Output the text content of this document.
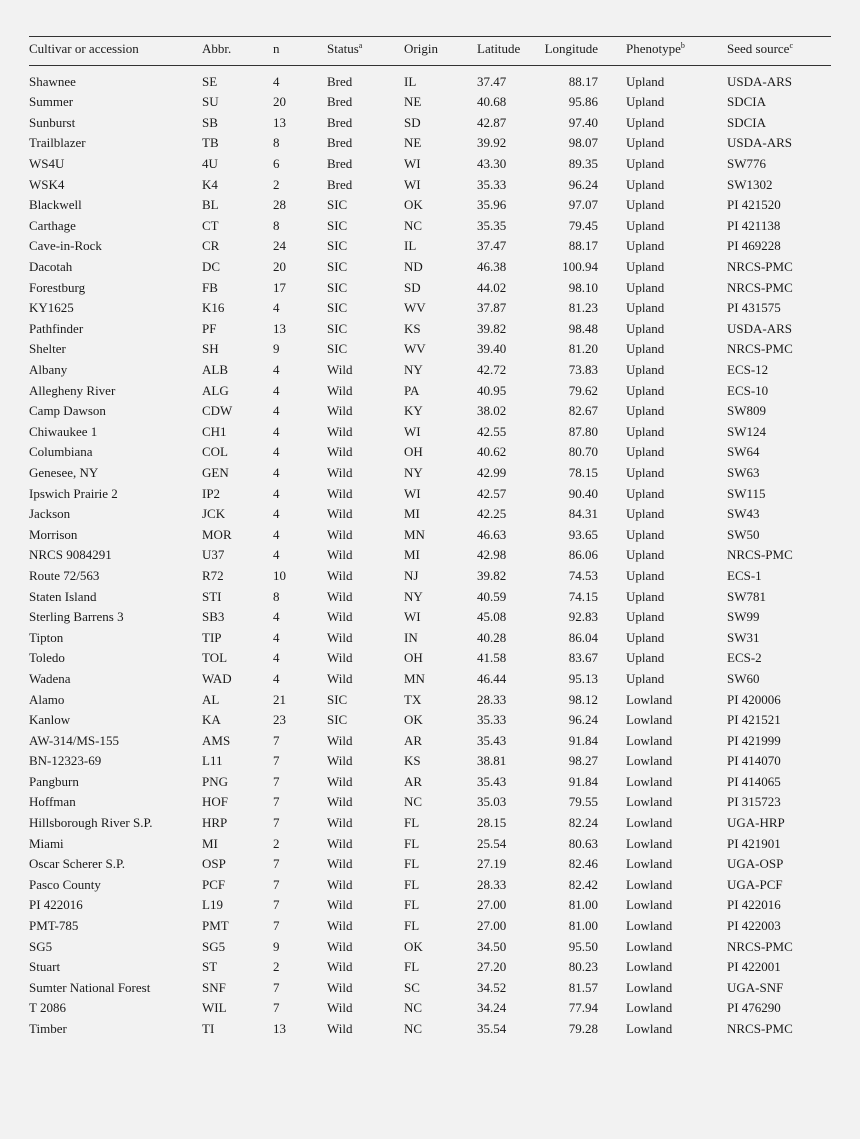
Cultivar or accession	Abbr.	n	Status$^a$	Origin	Latitude	Longitude		Phenotype$^b$	Seed source$^c$
Shawnee	SE	4	Bred	IL	37.47	88.17		Upland	USDA-ARS
Summer	SU	20	Bred	NE	40.68	95.86		Upland	SDCIA
Sunburst	SB	13	Bred	SD	42.87	97.40		Upland	SDCIA
Trailblazer	TB	8	Bred	NE	39.92	98.07		Upland	USDA-ARS
WS4U	4U	6	Bred	WI	43.30	89.35		Upland	SW776
WSK4	K4	2	Bred	WI	35.33	96.24		Upland	SW1302
Blackwell	BL	28	SIC	OK	35.96	97.07		Upland	PI 421520
Carthage	CT	8	SIC	NC	35.35	79.45		Upland	PI 421138
Cave-in-Rock	CR	24	SIC	IL	37.47	88.17		Upland	PI 469228
Dacotah	DC	20	SIC	ND	46.38	100.94		Upland	NRCS-PMC
Forestburg	FB	17	SIC	SD	44.02	98.10		Upland	NRCS-PMC
KY1625	K16	4	SIC	WV	37.87	81.23		Upland	PI 431575
Pathfinder	PF	13	SIC	KS	39.82	98.48		Upland	USDA-ARS
Shelter	SH	9	SIC	WV	39.40	81.20		Upland	NRCS-PMC
Albany	ALB	4	Wild	NY	42.72	73.83		Upland	ECS-12
Allegheny River	ALG	4	Wild	PA	40.95	79.62		Upland	ECS-10
Camp Dawson	CDW	4	Wild	KY	38.02	82.67		Upland	SW809
Chiwaukee 1	CH1	4	Wild	WI	42.55	87.80		Upland	SW124
Columbiana	COL	4	Wild	OH	40.62	80.70		Upland	SW64
Genesee, NY	GEN	4	Wild	NY	42.99	78.15		Upland	SW63
Ipswich Prairie 2	IP2	4	Wild	WI	42.57	90.40		Upland	SW115
Jackson	JCK	4	Wild	MI	42.25	84.31		Upland	SW43
Morrison	MOR	4	Wild	MN	46.63	93.65		Upland	SW50
NRCS 9084291	U37	4	Wild	MI	42.98	86.06		Upland	NRCS-PMC
Route 72/563	R72	10	Wild	NJ	39.82	74.53		Upland	ECS-1
Staten Island	STI	8	Wild	NY	40.59	74.15		Upland	SW781
Sterling Barrens 3	SB3	4	Wild	WI	45.08	92.83		Upland	SW99
Tipton	TIP	4	Wild	IN	40.28	86.04		Upland	SW31
Toledo	TOL	4	Wild	OH	41.58	83.67		Upland	ECS-2
Wadena	WAD	4	Wild	MN	46.44	95.13		Upland	SW60
Alamo	AL	21	SIC	TX	28.33	98.12		Lowland	PI 420006
Kanlow	KA	23	SIC	OK	35.33	96.24		Lowland	PI 421521
AW-314/MS-155	AMS	7	Wild	AR	35.43	91.84		Lowland	PI 421999
BN-12323-69	L11	7	Wild	KS	38.81	98.27		Lowland	PI 414070
Pangburn	PNG	7	Wild	AR	35.43	91.84		Lowland	PI 414065
Hoffman	HOF	7	Wild	NC	35.03	79.55		Lowland	PI 315723
Hillsborough River S.P.	HRP	7	Wild	FL	28.15	82.24		Lowland	UGA-HRP
Miami	MI	2	Wild	FL	25.54	80.63		Lowland	PI 421901
Oscar Scherer S.P.	OSP	7	Wild	FL	27.19	82.46		Lowland	UGA-OSP
Pasco County	PCF	7	Wild	FL	28.33	82.42		Lowland	UGA-PCF
PI 422016	L19	7	Wild	FL	27.00	81.00		Lowland	PI 422016
PMT-785	PMT	7	Wild	FL	27.00	81.00		Lowland	PI 422003
SG5	SG5	9	Wild	OK	34.50	95.50		Lowland	NRCS-PMC
Stuart	ST	2	Wild	FL	27.20	80.23		Lowland	PI 422001
Sumter National Forest	SNF	7	Wild	SC	34.52	81.57		Lowland	UGA-SNF
T 2086	WIL	7	Wild	NC	34.24	77.94		Lowland	PI 476290
Timber	TI	13	Wild	NC	35.54	79.28		Lowland	NRCS-PMC
